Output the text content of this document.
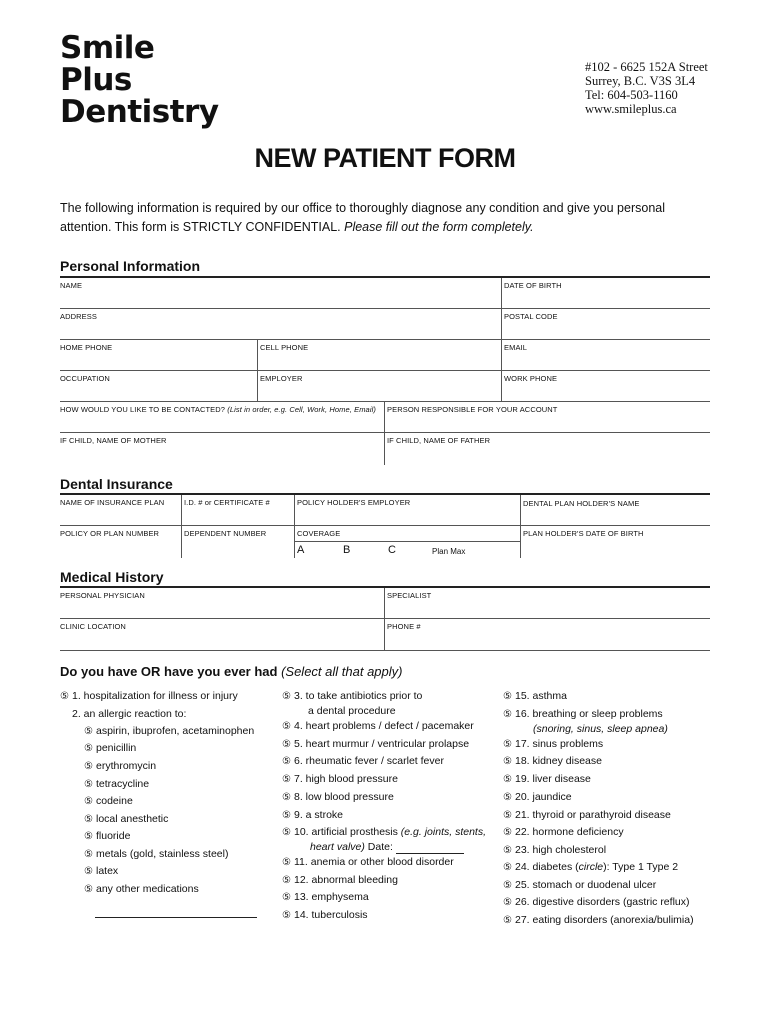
Smile
Plus
Dentistry
#102 - 6625 152A Street
Surrey, B.C. V3S 3L4
Tel: 604-503-1160
www.smileplus.ca
NEW PATIENT FORM
The following information is required by our office to thoroughly diagnose any condition and give you personal
attention. This form is STRICTLY CONFIDENTIAL. Please fill out the form completely.
Personal Information
NAME	DATE OF BIRTH
ADDRESS	POSTAL CODE
HOME PHONE	CELL PHONE	EMAIL
OCCUPATION	EMPLOYER	WORK PHONE
HOW WOULD YOU LIKE TO BE CONTACTED? (List in order, e.g. Cell, Work, Home, Email)	PERSON RESPONSIBLE FOR YOUR ACCOUNT
IF CHILD, NAME OF MOTHER	IF CHILD, NAME OF FATHER
Dental Insurance
NAME OF INSURANCE PLAN	I.D. # or CERTIFICATE #	POLICY HOLDER'S EMPLOYER	DENTAL PLAN HOLDER'S NAME
POLICY OR PLAN NUMBER	DEPENDENT NUMBER	COVERAGE	PLAN HOLDER'S DATE OF BIRTH
A	B	C	Plan Max
Medical History
PERSONAL PHYSICIAN	SPECIALIST
CLINIC LOCATION	PHONE #
Do you have OR have you ever had (Select all that apply)
⑤ 1. hospitalization for illness or injury
2. an allergic reaction to:
⑤ aspirin, ibuprofen, acetaminophen
⑤ penicillin
⑤ erythromycin
⑤ tetracycline
⑤ codeine
⑤ local anesthetic
⑤ fluoride
⑤ metals (gold, stainless steel)
⑤ latex
⑤ any other medications
⑤ 3. to take antibiotics prior to
a dental procedure
⑤ 4. heart problems / defect / pacemaker
⑤ 5. heart murmur / ventricular prolapse
⑤ 6. rheumatic fever / scarlet fever
⑤ 7. high blood pressure
⑤ 8. low blood pressure
⑤ 9. a stroke
⑤ 10. artificial prosthesis (e.g. joints, stents,
heart valve) Date:
⑤ 11. anemia or other blood disorder
⑤ 12. abnormal bleeding
⑤ 13. emphysema
⑤ 14. tuberculosis
⑤ 15. asthma
⑤ 16. breathing or sleep problems
(snoring, sinus, sleep apnea)
⑤ 17. sinus problems
⑤ 18. kidney disease
⑤ 19. liver disease
⑤ 20. jaundice
⑤ 21. thyroid or parathyroid disease
⑤ 22. hormone deficiency
⑤ 23. high cholesterol
⑤ 24. diabetes (circle): Type 1 Type 2
⑤ 25. stomach or duodenal ulcer
⑤ 26. digestive disorders (gastric reflux)
⑤ 27. eating disorders (anorexia/bulimia)
